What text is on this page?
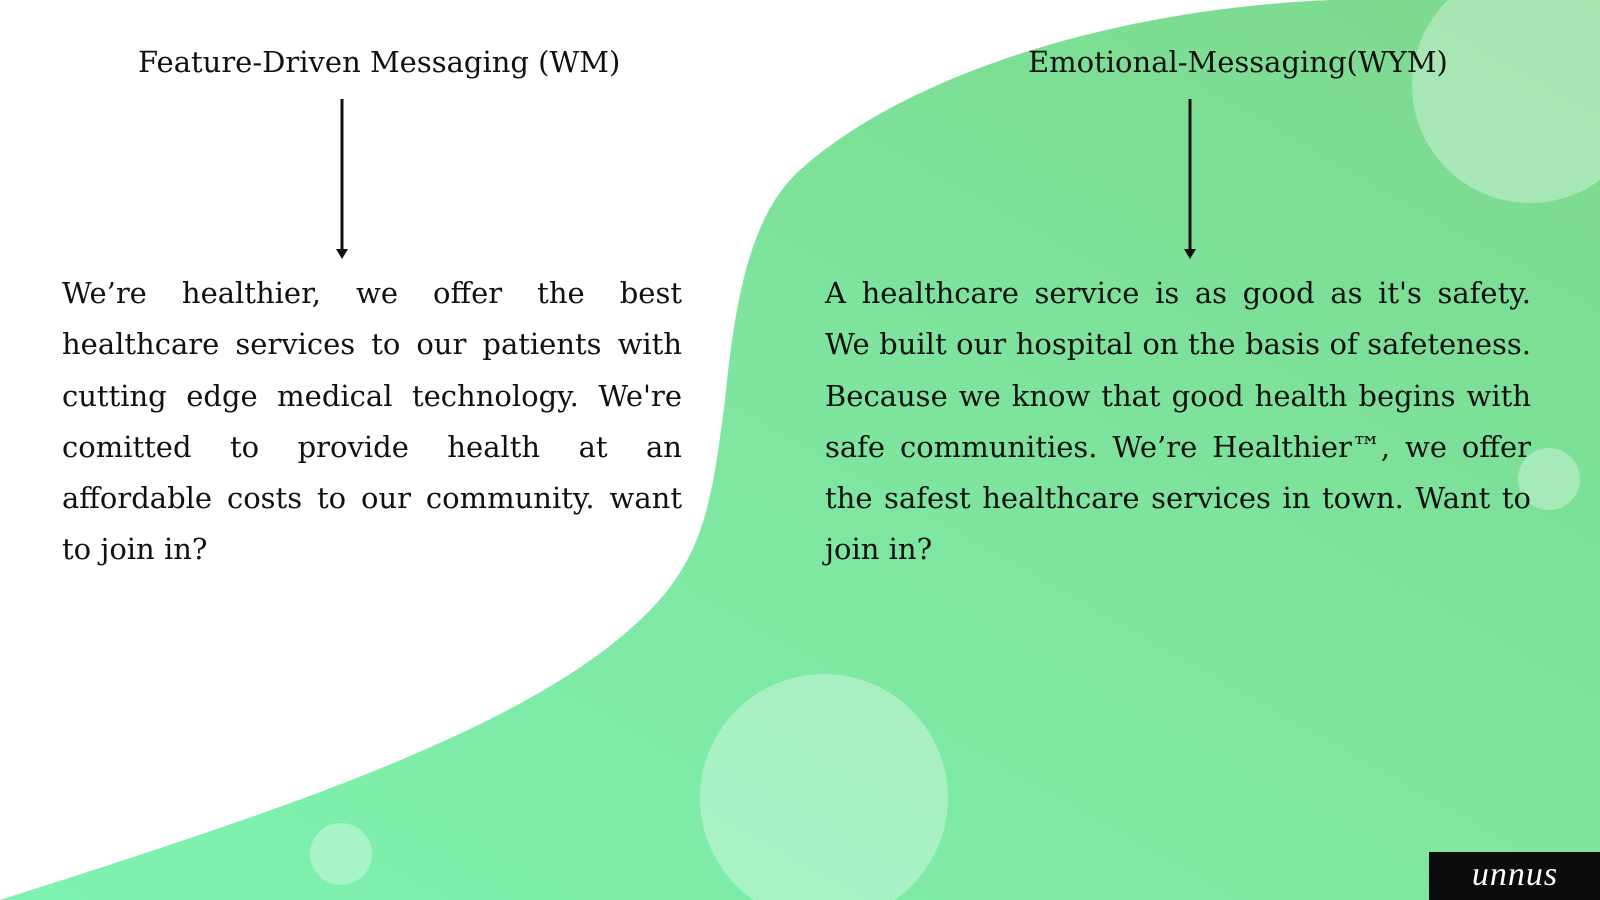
Feature-Driven Messaging (WM)	Emotional-Messaging(WYM)

We’re healthier, we offer the best healthcare services to our patients with cutting edge medical technology. We're comitted to provide health at an affordable costs to our community. want to join in?

A healthcare service is as good as it's safety. We built our hospital on the basis of safeteness. Because we know that good health begins with safe communities. We’re Healthier™, we offer the safest healthcare services in town. Want to join in?

unnus
